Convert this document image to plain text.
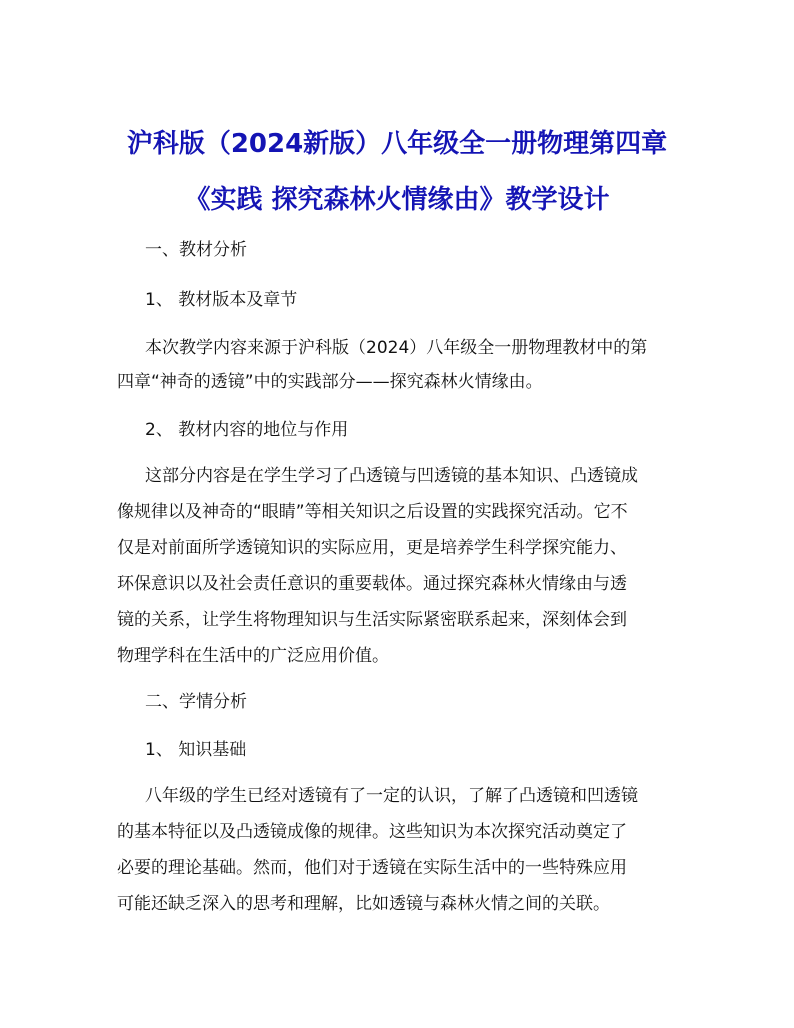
沪科版（2024新版）八年级全一册物理第四章
《实践 探究森林火情缘由》教学设计

一、教材分析

1、 教材版本及章节

本次教学内容来源于沪科版（2024）八年级全一册物理教材中的第

四章“神奇的透镜”中的实践部分——探究森林火情缘由。

2、 教材内容的地位与作用

这部分内容是在学生学习了凸透镜与凹透镜的基本知识、凸透镜成

像规律以及神奇的“眼睛”等相关知识之后设置的实践探究活动。它不

仅是对前面所学透镜知识的实际应用，更是培养学生科学探究能力、

环保意识以及社会责任意识的重要载体。通过探究森林火情缘由与透

镜的关系，让学生将物理知识与生活实际紧密联系起来，深刻体会到

物理学科在生活中的广泛应用价值。

二、学情分析

1、 知识基础

八年级的学生已经对透镜有了一定的认识，了解了凸透镜和凹透镜

的基本特征以及凸透镜成像的规律。这些知识为本次探究活动奠定了

必要的理论基础。然而，他们对于透镜在实际生活中的一些特殊应用

可能还缺乏深入的思考和理解，比如透镜与森林火情之间的关联。
